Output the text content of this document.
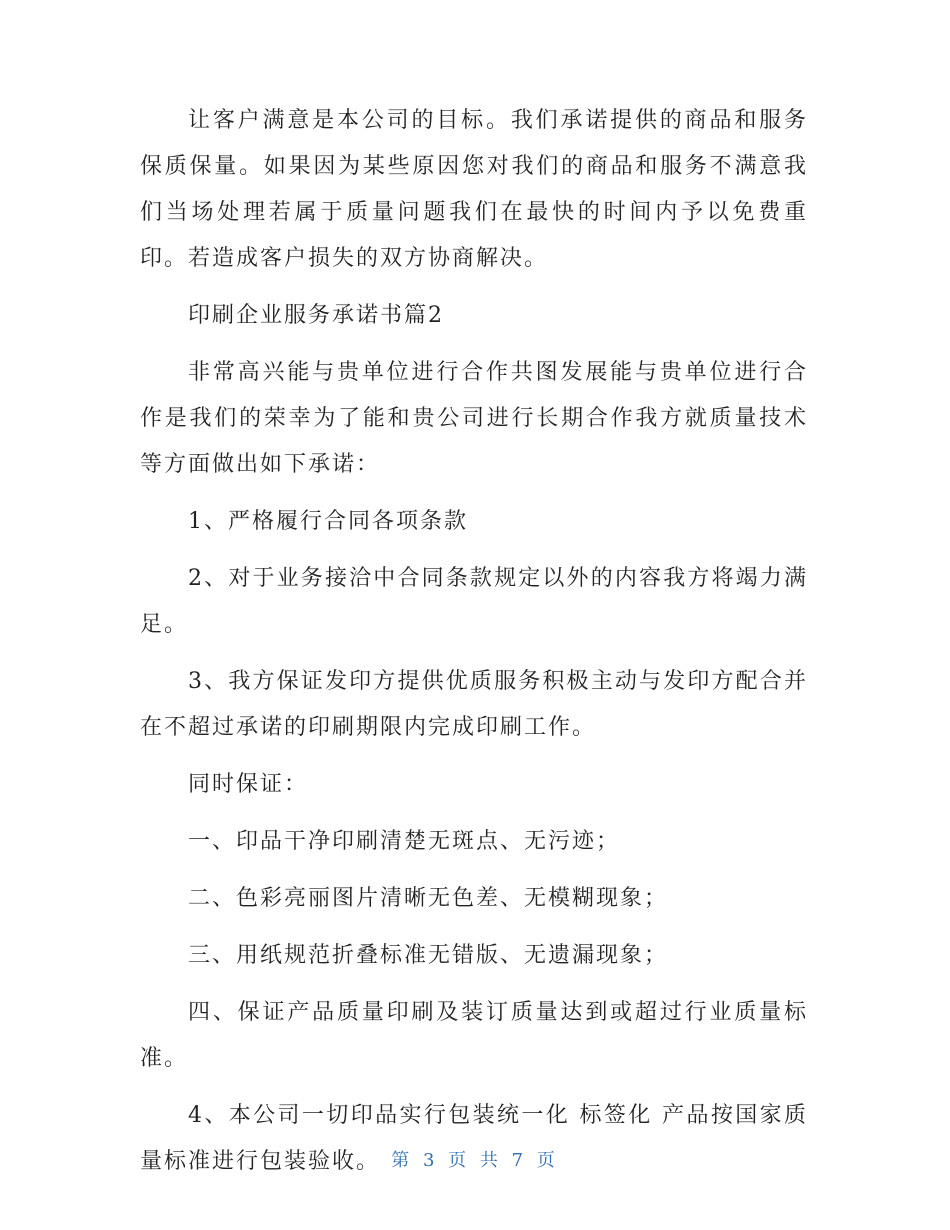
让客户满意是本公司的目标。我们承诺提供的商品和服务保质保量。如果因为某些原因您对我们的商品和服务不满意我们当场处理若属于质量问题我们在最快的时间内予以免费重印。若造成客户损失的双方协商解决。

印刷企业服务承诺书篇2

非常高兴能与贵单位进行合作共图发展能与贵单位进行合作是我们的荣幸为了能和贵公司进行长期合作我方就质量技术等方面做出如下承诺：

1、严格履行合同各项条款

2、对于业务接洽中合同条款规定以外的内容我方将竭力满足。

3、我方保证发印方提供优质服务积极主动与发印方配合并在不超过承诺的印刷期限内完成印刷工作。

同时保证：

一、印品干净印刷清楚无斑点、无污迹；

二、色彩亮丽图片清晰无色差、无模糊现象；

三、用纸规范折叠标准无错版、无遗漏现象；

四、保证产品质量印刷及装订质量达到或超过行业质量标准。

4、本公司一切印品实行包装统一化 标签化 产品按国家质量标准进行包装验收。 第 3 页 共 7 页
